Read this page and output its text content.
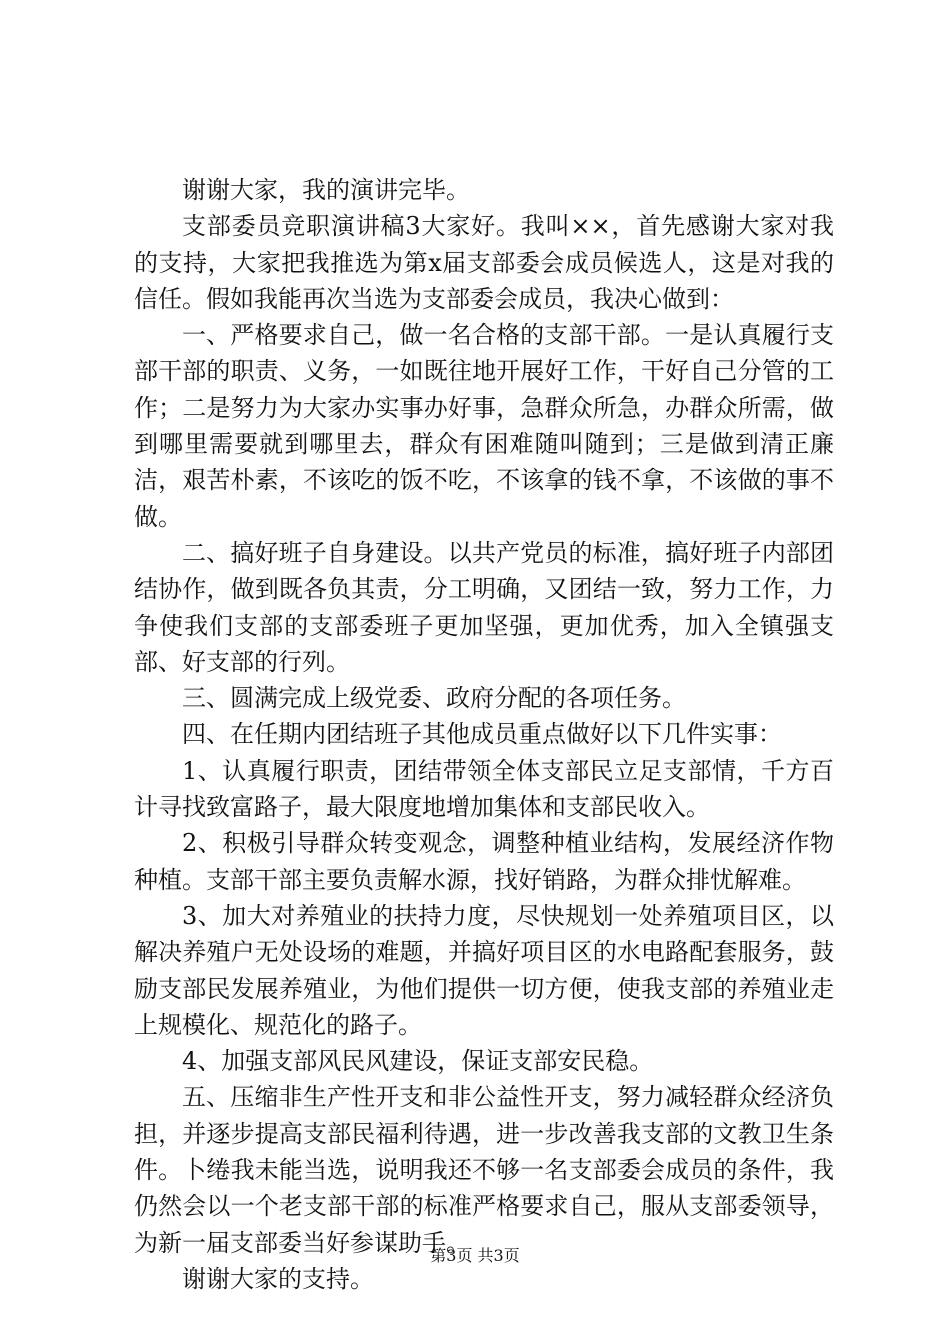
谢谢大家，我的演讲完毕。

支部委员竞职演讲稿3大家好。我叫××，首先感谢大家对我的支持，大家把我推选为第x届支部委会成员候选人，这是对我的信任。假如我能再次当选为支部委会成员，我决心做到：

一、严格要求自己，做一名合格的支部干部。一是认真履行支部干部的职责、义务，一如既往地开展好工作，干好自己分管的工作；二是努力为大家办实事办好事，急群众所急，办群众所需，做到哪里需要就到哪里去，群众有困难随叫随到；三是做到清正廉洁，艰苦朴素，不该吃的饭不吃，不该拿的钱不拿，不该做的事不做。

二、搞好班子自身建设。以共产党员的标准，搞好班子内部团结协作，做到既各负其责，分工明确，又团结一致，努力工作，力争使我们支部的支部委班子更加坚强，更加优秀，加入全镇强支部、好支部的行列。

三、圆满完成上级党委、政府分配的各项任务。

四、在任期内团结班子其他成员重点做好以下几件实事：

1、认真履行职责，团结带领全体支部民立足支部情，千方百计寻找致富路子，最大限度地增加集体和支部民收入。

2、积极引导群众转变观念，调整种植业结构，发展经济作物种植。支部干部主要负责解水源，找好销路，为群众排忧解难。

3、加大对养殖业的扶持力度，尽快规划一处养殖项目区，以解决养殖户无处设场的难题，并搞好项目区的水电路配套服务，鼓励支部民发展养殖业，为他们提供一切方便，使我支部的养殖业走上规模化、规范化的路子。

4、加强支部风民风建设，保证支部安民稳。

五、压缩非生产性开支和非公益性开支，努力减轻群众经济负担，并逐步提高支部民福利待遇，进一步改善我支部的文教卫生条件。卜绻我未能当选，说明我还不够一名支部委会成员的条件，我仍然会以一个老支部干部的标准严格要求自己，服从支部委领导，为新一届支部委当好参谋助手。

谢谢大家的支持。

第3页 共3页
